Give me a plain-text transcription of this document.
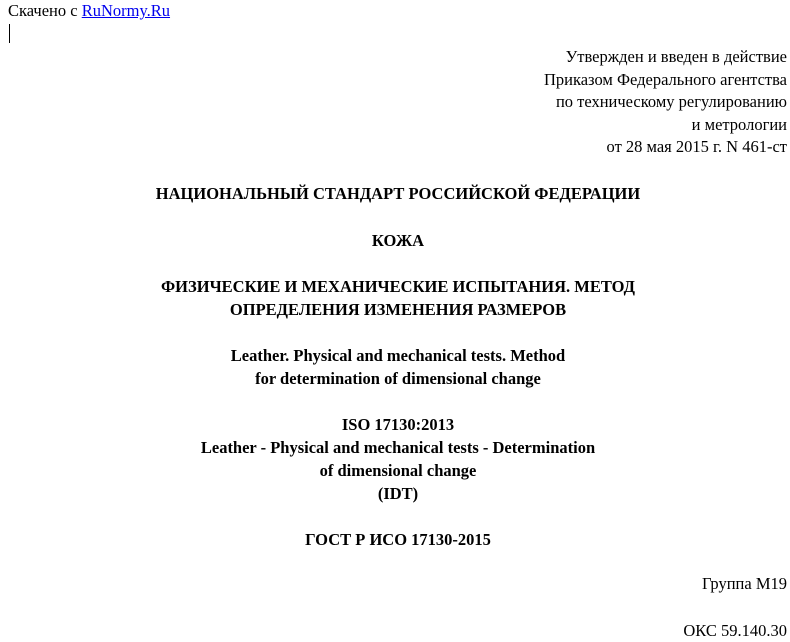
Скачено с RuNormy.Ru
Утвержден и введен в действие
Приказом Федерального агентства
по техническому регулированию
и метрологии
от 28 мая 2015 г. N 461-ст
НАЦИОНАЛЬНЫЙ СТАНДАРТ РОССИЙСКОЙ ФЕДЕРАЦИИ
КОЖА
ФИЗИЧЕСКИЕ И МЕХАНИЧЕСКИЕ ИСПЫТАНИЯ. МЕТОД
ОПРЕДЕЛЕНИЯ ИЗМЕНЕНИЯ РАЗМЕРОВ
Leather. Physical and mechanical tests. Method
for determination of dimensional change
ISO 17130:2013
Leather - Physical and mechanical tests - Determination
of dimensional change
(IDT)
ГОСТ Р ИСО 17130-2015
Группа М19
ОКС 59.140.30
